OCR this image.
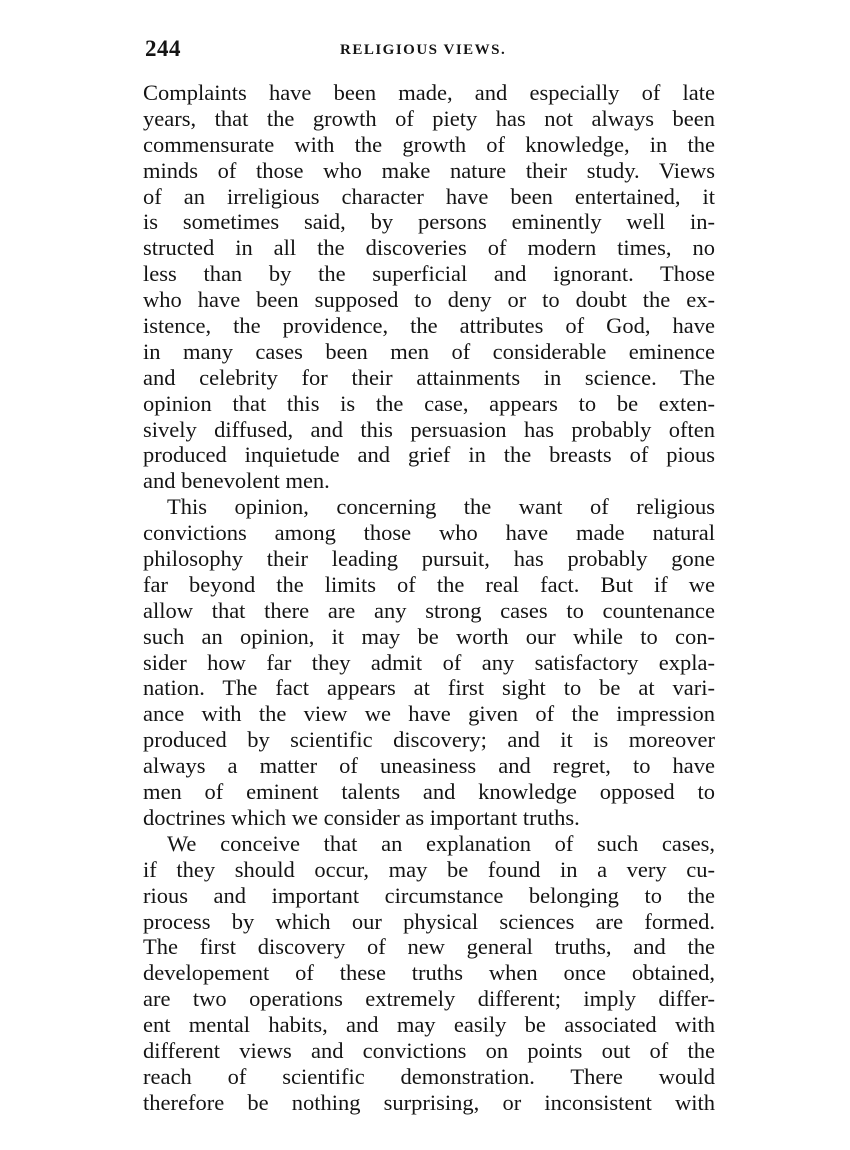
244	RELIGIOUS VIEWS.
Complaints have been made, and especially of late
years, that the growth of piety has not always been
commensurate with the growth of knowledge, in the
minds of those who make nature their study. Views
of an irreligious character have been entertained, it
is sometimes said, by persons eminently well in-
structed in all the discoveries of modern times, no
less than by the superficial and ignorant. Those
who have been supposed to deny or to doubt the ex-
istence, the providence, the attributes of God, have
in many cases been men of considerable eminence
and celebrity for their attainments in science. The
opinion that this is the case, appears to be exten-
sively diffused, and this persuasion has probably often
produced inquietude and grief in the breasts of pious
and benevolent men.
This opinion, concerning the want of religious
convictions among those who have made natural
philosophy their leading pursuit, has probably gone
far beyond the limits of the real fact. But if we
allow that there are any strong cases to countenance
such an opinion, it may be worth our while to con-
sider how far they admit of any satisfactory expla-
nation. The fact appears at first sight to be at vari-
ance with the view we have given of the impression
produced by scientific discovery; and it is moreover
always a matter of uneasiness and regret, to have
men of eminent talents and knowledge opposed to
doctrines which we consider as important truths.
We conceive that an explanation of such cases,
if they should occur, may be found in a very cu-
rious and important circumstance belonging to the
process by which our physical sciences are formed.
The first discovery of new general truths, and the
developement of these truths when once obtained,
are two operations extremely different; imply differ-
ent mental habits, and may easily be associated with
different views and convictions on points out of the
reach of scientific demonstration. There would
therefore be nothing surprising, or inconsistent with
